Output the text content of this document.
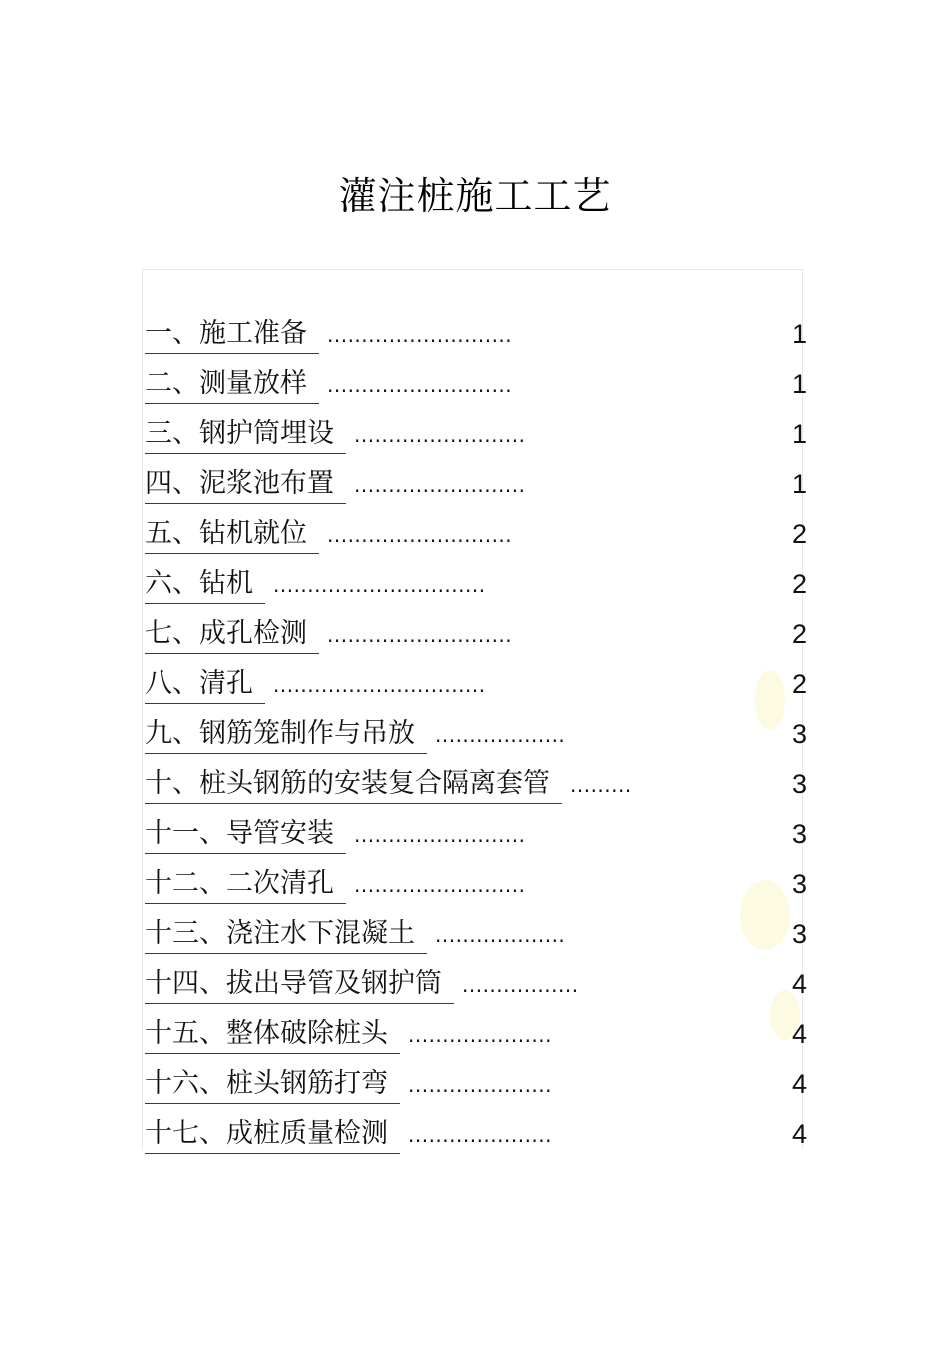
灌注桩施工工艺
一、施工准备 ...........................	1
二、测量放样 ...........................	1
三、钢护筒埋设 .........................	1
四、泥浆池布置 .........................	1
五、钻机就位 ...........................	2
六、钻机 ...............................	2
七、成孔检测 ...........................	2
八、清孔 ...............................	2
九、钢筋笼制作与吊放 ...................	3
十、桩头钢筋的安装复合隔离套管 .........	3
十一、导管安装 .........................	3
十二、二次清孔 .........................	3
十三、浇注水下混凝土 ...................	3
十四、拔出导管及钢护筒 .................	4
十五、整体破除桩头 .....................	4
十六、桩头钢筋打弯 .....................	4
十七、成桩质量检测 .....................	4
